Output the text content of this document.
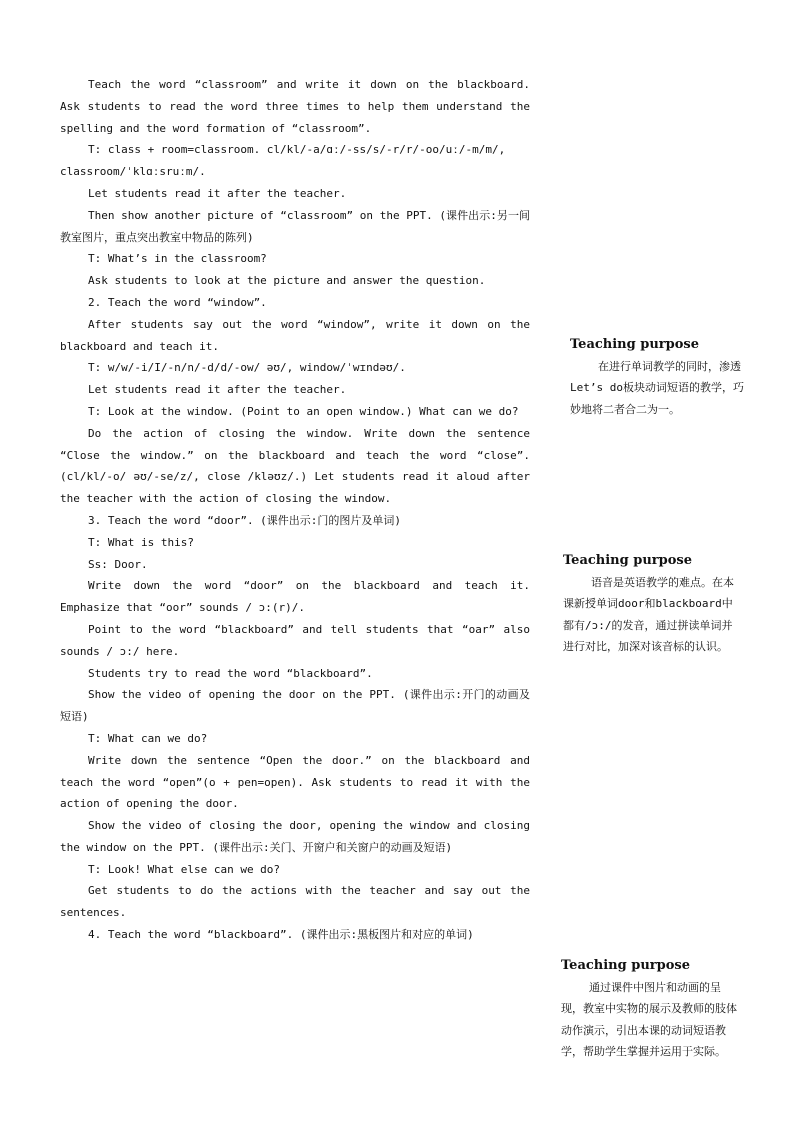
Teach the word “classroom” and write it down on the blackboard. Ask students to read the word three times to help them understand the spelling and the word formation of “classroom”.

T: class + room=classroom. cl/kl/-a/ɑː/-ss/s/-r/r/-oo/uː/-m/m/,

classroom/ˈklɑːsruːm/.

Let students read it after the teacher.

Then show another picture of “classroom” on the PPT. (课件出示:另一间教室图片，重点突出教室中物品的陈列)

T: What’s in the classroom?

Ask students to look at the picture and answer the question.

2. Teach the word “window”.

After students say out the word “window”, write it down on the blackboard and teach it.

T: w/w/-i/I/-n/n/-d/d/-ow/ əʊ/, window/ˈwɪndəʊ/.

Let students read it after the teacher.

T: Look at the window. (Point to an open window.) What can we do?

Do the action of closing the window. Write down the sentence “Close the window.” on the blackboard and teach the word “close”.(cl/kl/-o/ əʊ/-se/z/, close /kləʊz/.) Let students read it aloud after the teacher with the action of closing the window.

3. Teach the word “door”. (课件出示:门的图片及单词)

T: What is this?

Ss: Door.

Write down the word “door” on the blackboard and teach it. Emphasize that “oor” sounds / ɔ:(r)/.

Point to the word “blackboard” and tell students that “oar” also sounds / ɔ:/ here.

Students try to read the word “blackboard”.

Show the video of opening the door on the PPT. (课件出示:开门的动画及短语)

T: What can we do?

Write down the sentence “Open the door.” on the blackboard and teach the word “open”(o + pen=open). Ask students to read it with the action of opening the door.

Show the video of closing the door, opening the window and closing the window on the PPT. (课件出示:关门、开窗户和关窗户的动画及短语)

T: Look! What else can we do?

Get students to do the actions with the teacher and say out the sentences.

4. Teach the word “blackboard”. (课件出示:黑板图片和对应的单词)

Teaching purpose

在进行单词教学的同时，渗透Let’s do板块动词短语的教学，巧妙地将二者合二为一。

Teaching purpose

语音是英语教学的难点。在本课新授单词door和blackboard中都有/ɔ:/的发音，通过拼读单词并进行对比，加深对该音标的认识。

Teaching purpose

通过课件中图片和动画的呈现，教室中实物的展示及教师的肢体动作演示，引出本课的动词短语教学，帮助学生掌握并运用于实际。
